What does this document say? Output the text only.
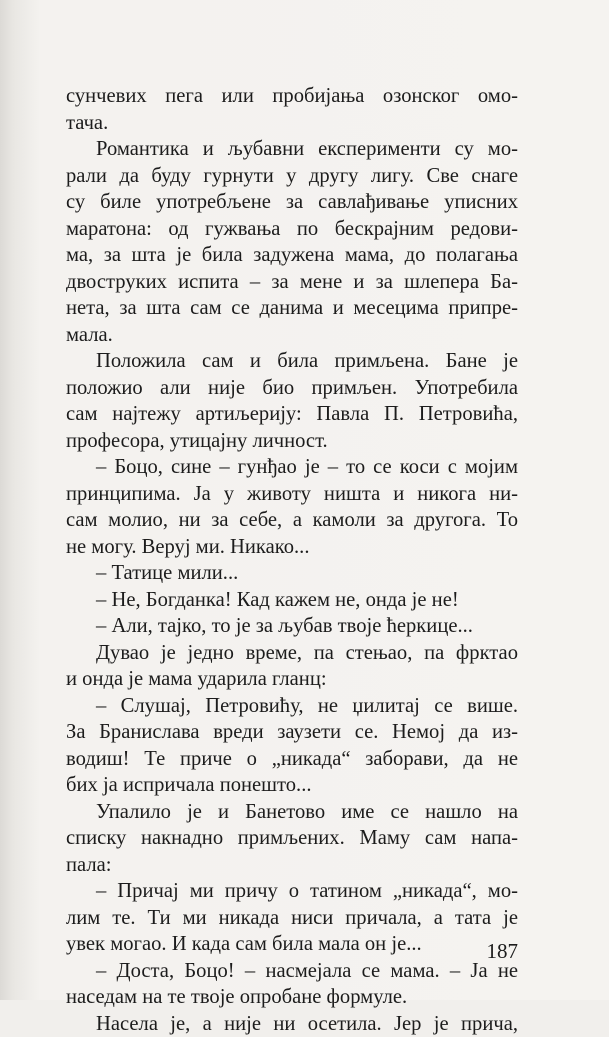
сунчевих пега или пробијања озонског омо-
тача.
Романтика и љубавни експерименти су мо-
рали да буду гурнути у другу лигу. Све снаге
су биле употребљене за савлађивање уписних
маратона: од гужвања по бескрајним редови-
ма, за шта је била задужена мама, до полагања
двоструких испита – за мене и за шлепера Ба-
нета, за шта сам се данима и месецима припре-
мала.
Положила сам и била примљена. Бане је
положио али није био примљен. Употребила
сам најтежу артиљерију: Павла П. Петровића,
професора, утицајну личност.
– Боцо, сине – гунђао је – то се коси с мојим
принципима. Ја у животу ништа и никога ни-
сам молио, ни за себе, а камоли за другога. То
не могу. Веруј ми. Никако...
– Татице мили...
– Не, Богданка! Кад кажем не, онда је не!
– Али, тајко, то је за љубав твоје ћеркице...
Дувао је једно време, па стењао, па фрктао
и онда је мама ударила гланц:
– Слушај, Петровићу, не џилитај се више.
За Бранислава вреди заузети се. Немој да из-
водиш! Те приче о „никада“ заборави, да не
бих ја испричала понешто...
Упалило је и Банетово име се нашло на
списку накнадно примљених. Маму сам напа-
пала:
– Причај ми причу о татином „никада“, мо-
лим те. Ти ми никада ниси причала, а тата је
увек могао. И када сам била мала он је...
– Доста, Боцо! – насмејала се мама. – Ја не
наседам на те твоје опробане формуле.
Насела је, а није ни осетила. Јер је прича,
187
